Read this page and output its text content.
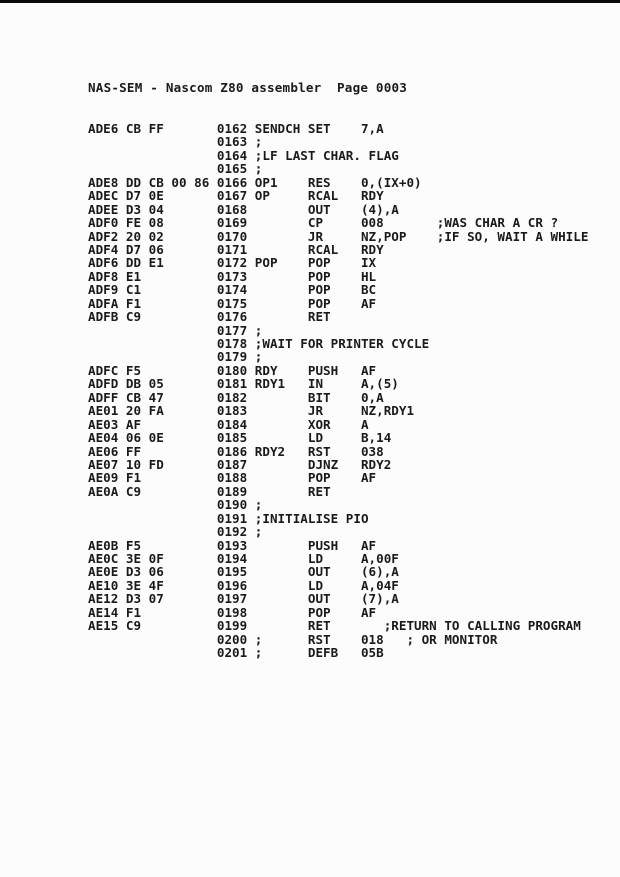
NAS-SEM - Nascom Z80 assembler  Page 0003
ADE6 CB FF	0162 SENDCH SET    7,A
0163 ;
0164 ;LF LAST CHAR. FLAG
0165 ;
ADE8 DD CB 00 86 0166 OP1    RES    0,(IX+0)
ADEC D7 0E	0167 OP     RCAL   RDY
ADEE D3 04	0168 OUT    (4),A
ADF0 FE 08	0169 CP     008       ;WAS CHAR A CR ?
ADF2 20 02	0170 JR     NZ,POP    ;IF SO, WAIT A WHILE
ADF4 D7 06	0171 RCAL   RDY
ADF6 DD E1	0172 POP    POP    IX
ADF8 E1	0173 POP    HL
ADF9 C1	0174 POP    BC
ADFA F1	0175 POP    AF
ADFB C9	0176 RET
0177 ;
0178 ;WAIT FOR PRINTER CYCLE
0179 ;
ADFC F5	0180 RDY    PUSH   AF
ADFD DB 05	0181 RDY1   IN     A,(5)
ADFF CB 47	0182 BIT    0,A
AE01 20 FA	0183 JR     NZ,RDY1
AE03 AF	0184 XOR    A
AE04 06 0E	0185 LD     B,14
AE06 FF	0186 RDY2   RST    038
AE07 10 FD	0187 DJNZ   RDY2
AE09 F1	0188 POP    AF
AE0A C9	0189 RET
0190 ;
0191 ;INITIALISE PIO
0192 ;
AE0B F5	0193 PUSH   AF
AE0C 3E 0F	0194 LD     A,00F
AE0E D3 06	0195 OUT    (6),A
AE10 3E 4F	0196 LD     A,04F
AE12 D3 07	0197 OUT    (7),A
AE14 F1	0198 POP    AF
AE15 C9	0199 RET       ;RETURN TO CALLING PROGRAM
0200 ;      RST    018   ; OR MONITOR
0201 ;      DEFB   05B
